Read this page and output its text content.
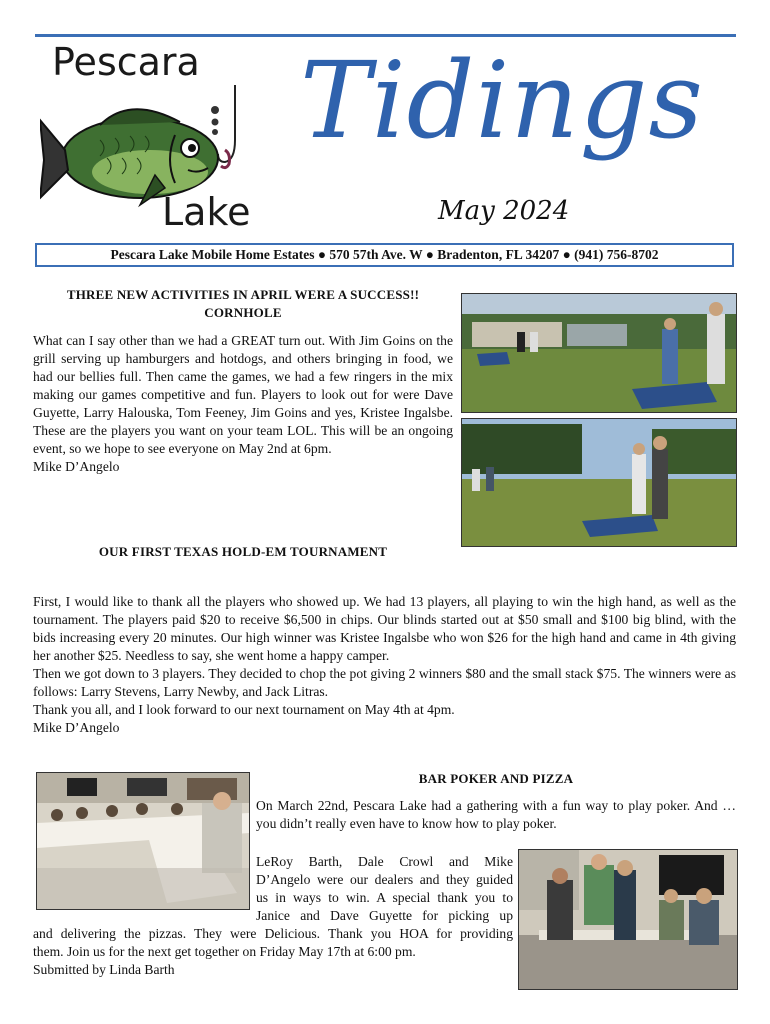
Pescara
Lake
Tidings
May 2024
Pescara Lake Mobile Home Estates ● 570 57th Ave. W ● Bradenton, FL 34207 ● (941) 756-8702
THREE NEW ACTIVITIES IN APRIL WERE A SUCCESS!!
CORNHOLE

What can I say other than we had a GREAT turn out. With Jim Goins on the grill serving up hamburgers and hotdogs, and others bringing in food, we had our bellies full. Then came the games, we had a few ringers in the mix making our games competitive and fun. Players to look out for were Dave Guyette, Larry Halouska, Tom Feeney, Jim Goins and yes, Kristee Ingalsbe. These are the players you want on your team LOL. This will be an ongoing event, so we hope to see everyone on May 2nd at 6pm.

Mike D’Angelo

OUR FIRST TEXAS HOLD-EM TOURNAMENT

First, I would like to thank all the players who showed up. We had 13 players, all playing to win the high hand, as well as the tournament. The players paid $20 to receive $6,500 in chips. Our blinds started out at $50 small and $100 big blind, with the bids increasing every 20 minutes. Our high winner was Kristee Ingalsbe who won $26 for the high hand and came in 4th giving her another $25. Needless to say, she went home a happy camper.

Then we got down to 3 players. They decided to chop the pot giving 2 winners $80 and the small stack $75. The winners were as follows: Larry Stevens, Larry Newby, and Jack Litras.

Thank you all, and I look forward to our next tournament on May 4th at 4pm.

Mike D’Angelo

BAR POKER AND PIZZA
On March 22nd, Pescara Lake had a gathering with a fun way to play poker. And … you didn’t really even have to know how to play poker.
LeRoy Barth, Dale Crowl and Mike
D’Angelo were our dealers and they guided
us in ways to win. A special thank you to
Janice and Dave Guyette for picking up
and delivering the pizzas. They were Delicious. Thank you HOA for providing
them. Join us for the next get together on Friday May 17th at 6:00 pm.
Submitted by Linda Barth
